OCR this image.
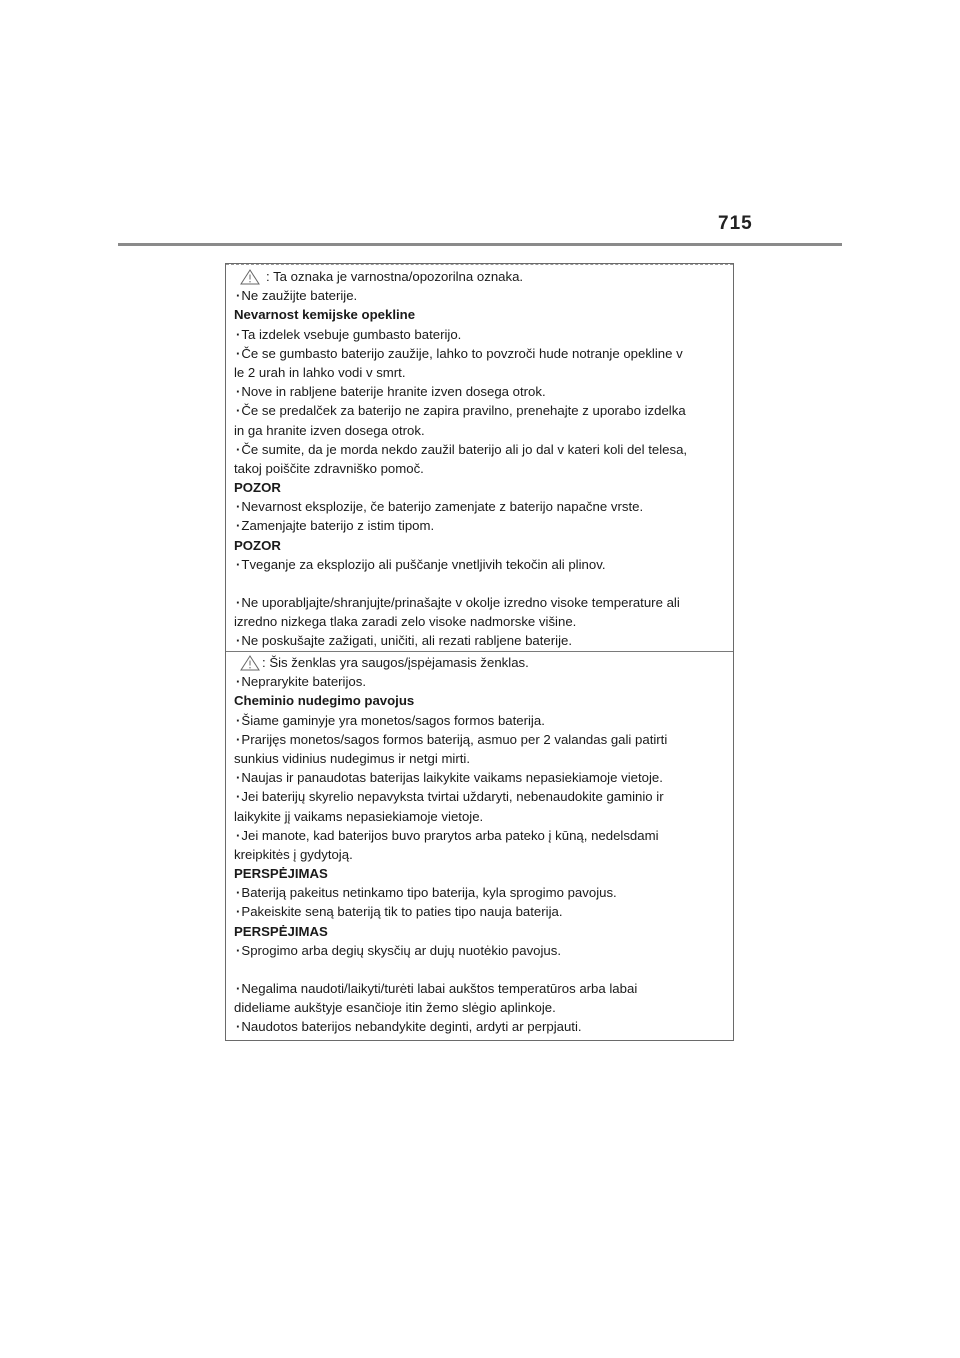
715
: Ta oznaka je varnostna/opozorilna oznaka.
· Ne zaužijte baterije.
Nevarnost kemijske opekline
· Ta izdelek vsebuje gumbasto baterijo.
· Če se gumbasto baterijo zaužije, lahko to povzroči hude notranje opekline v
le 2 urah in lahko vodi v smrt.
· Nove in rabljene baterije hranite izven dosega otrok.
· Če se predalček za baterijo ne zapira pravilno, prenehajte z uporabo izdelka
in ga hranite izven dosega otrok.
· Če sumite, da je morda nekdo zaužil baterijo ali jo dal v kateri koli del telesa,
takoj poiščite zdravniško pomoč.
POZOR
· Nevarnost eksplozije, če baterijo zamenjate z baterijo napačne vrste.
· Zamenjajte baterijo z istim tipom.
POZOR
· Tveganje za eksplozijo ali puščanje vnetljivih tekočin ali plinov.
· Ne uporabljajte/shranjujte/prinašajte v okolje izredno visoke temperature ali
izredno nizkega tlaka zaradi zelo visoke nadmorske višine.
· Ne poskušajte zažigati, uničiti, ali rezati rabljene baterije.
: Šis ženklas yra saugos/įspėjamasis ženklas.
· Neprarykite baterijos.
Cheminio nudegimo pavojus
· Šiame gaminyje yra monetos/sagos formos baterija.
· Prarijęs monetos/sagos formos bateriją, asmuo per 2 valandas gali patirti
sunkius vidinius nudegimus ir netgi mirti.
· Naujas ir panaudotas baterijas laikykite vaikams nepasiekiamoje vietoje.
· Jei baterijų skyrelio nepavyksta tvirtai uždaryti, nebenaudokite gaminio ir
laikykite jį vaikams nepasiekiamoje vietoje.
· Jei manote, kad baterijos buvo prarytos arba pateko į kūną, nedelsdami
kreipkitės į gydytoją.
PERSPĖJIMAS
· Bateriją pakeitus netinkamo tipo baterija, kyla sprogimo pavojus.
· Pakeiskite seną bateriją tik to paties tipo nauja baterija.
PERSPĖJIMAS
· Sprogimo arba degių skysčių ar dujų nuotėkio pavojus.
· Negalima naudoti/laikyti/turėti labai aukštos temperatūros arba labai
dideliame aukštyje esančioje itin žemo slėgio aplinkoje.
· Naudotos baterijos nebandykite deginti, ardyti ar perpjauti.
